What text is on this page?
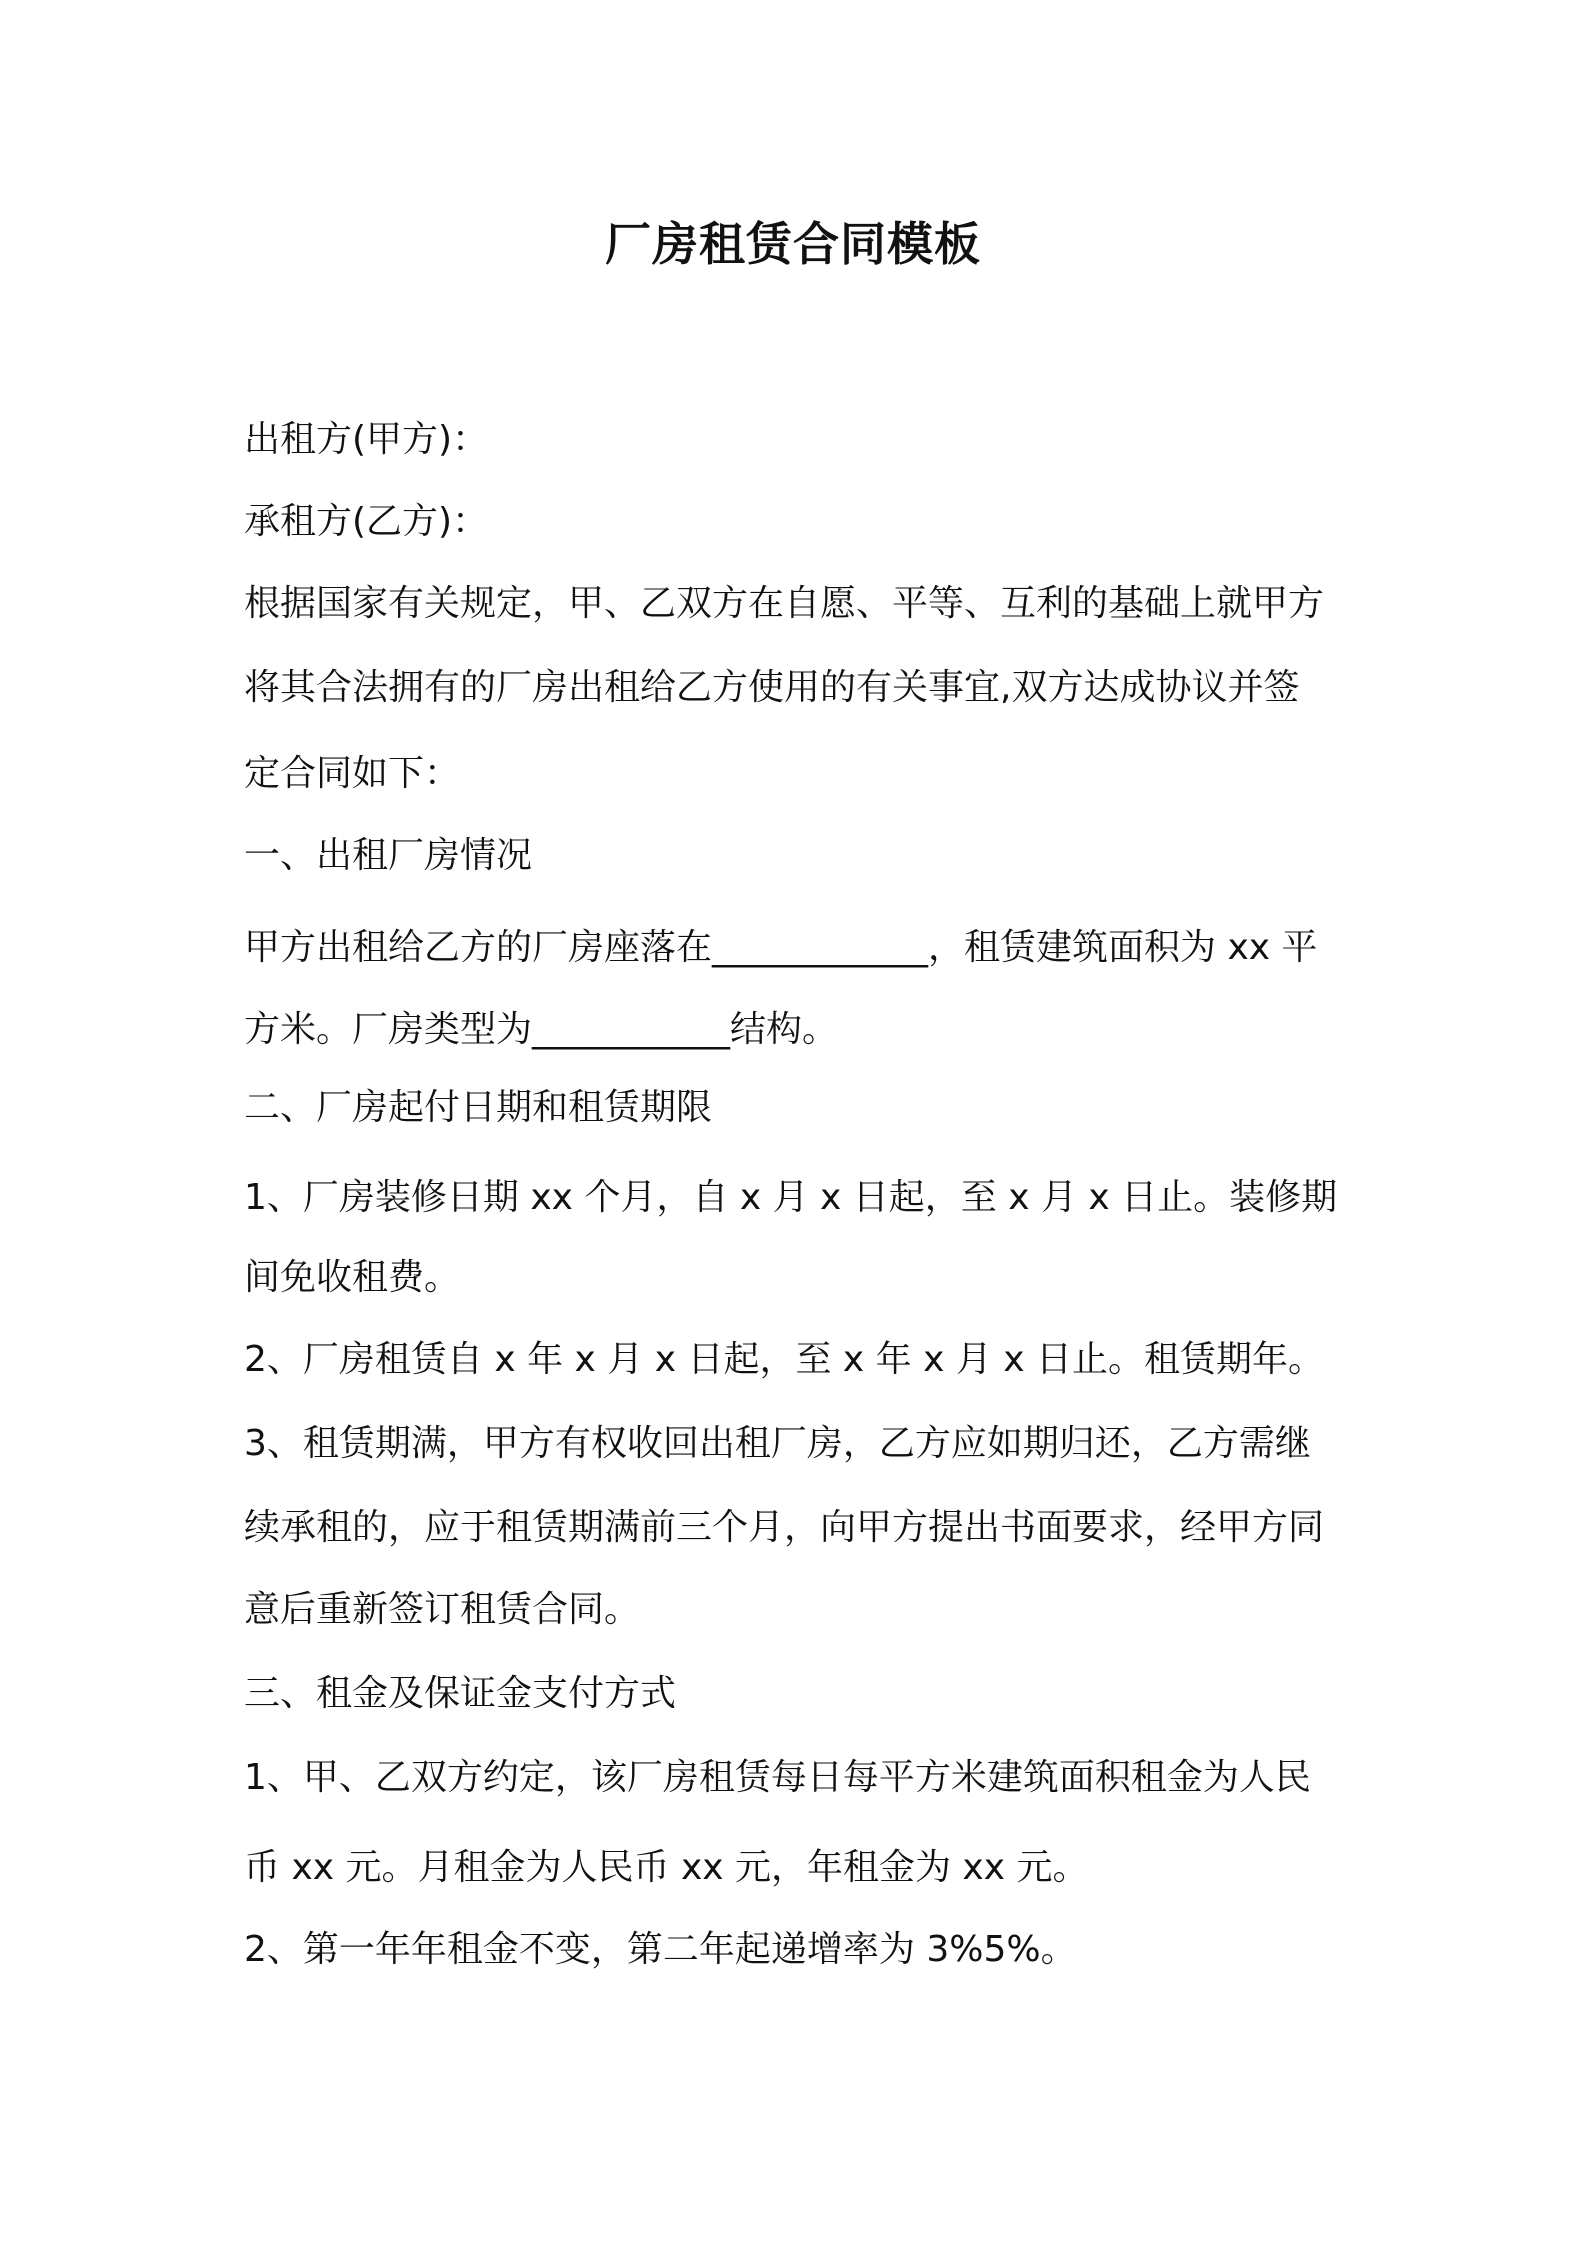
厂房租赁合同模板
出租方(甲方)：
承租方(乙方)：
根据国家有关规定，甲、乙双方在自愿、平等、互利的基础上就甲方
将其合法拥有的厂房出租给乙方使用的有关事宜,双方达成协议并签
定合同如下：
一、出租厂房情况
甲方出租给乙方的厂房座落在____________，租赁建筑面积为 xx 平
方米。厂房类型为___________结构。
二、厂房起付日期和租赁期限
1、厂房装修日期 xx 个月，自 x 月 x 日起，至 x 月 x 日止。装修期
间免收租费。
2、厂房租赁自 x 年 x 月 x 日起，至 x 年 x 月 x 日止。租赁期年。
3、租赁期满，甲方有权收回出租厂房，乙方应如期归还，乙方需继
续承租的，应于租赁期满前三个月，向甲方提出书面要求，经甲方同
意后重新签订租赁合同。
三、租金及保证金支付方式
1、甲、乙双方约定，该厂房租赁每日每平方米建筑面积租金为人民
币 xx 元。月租金为人民币 xx 元，年租金为 xx 元。
2、第一年年租金不变，第二年起递增率为 3%5%。
